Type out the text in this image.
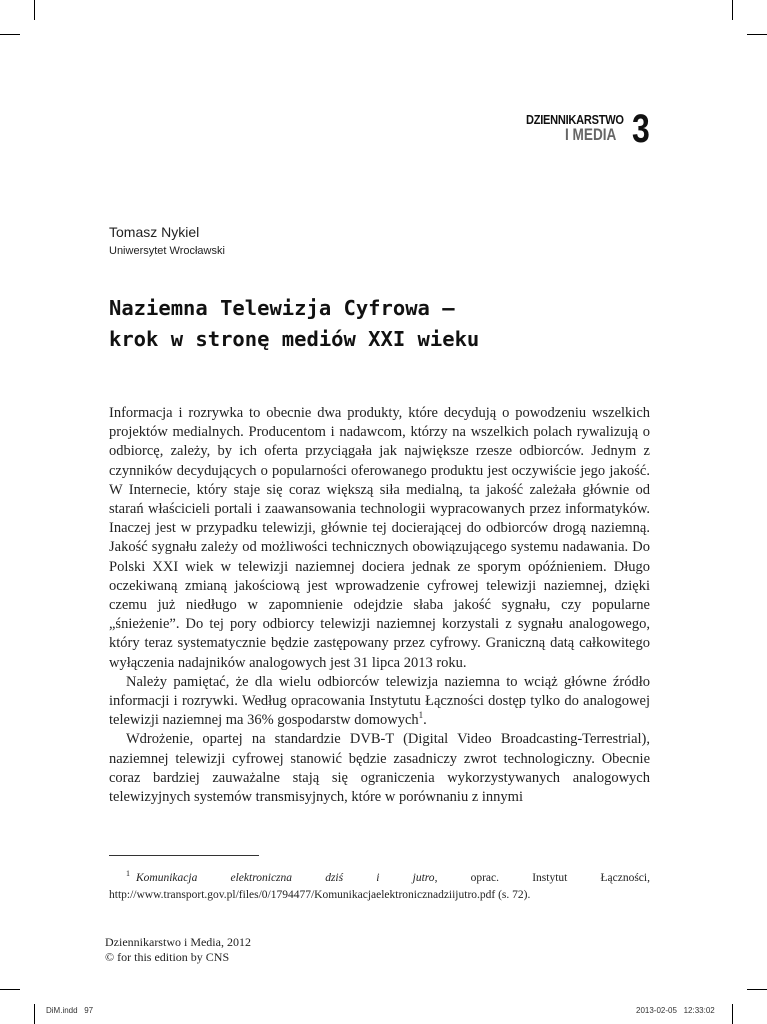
DZIENNIKARSTWO
I MEDIA 3
Tomasz Nykiel
Uniwersytet Wrocławski
Naziemna Telewizja Cyfrowa —
krok w stronę mediów XXI wieku

Informacja i rozrywka to obecnie dwa produkty, które decydują o powodzeniu wszelkich projektów medialnych. Producentom i nadawcom, którzy na wszelkich polach rywalizują o odbiorcę, zależy, by ich oferta przyciągała jak największe rzesze odbiorców. Jednym z czynników decydujących o popularności oferowanego produktu jest oczywiście jego jakość. W Internecie, który staje się coraz większą siła medialną, ta jakość zależała głównie od starań właścicieli portali i zaawansowania technologii wypracowanych przez informatyków. Inaczej jest w przypadku telewizji, głównie tej docierającej do odbiorców drogą naziemną. Jakość sygnału zależy od możliwości technicznych obowiązującego systemu nadawania. Do Polski XXI wiek w telewizji naziemnej dociera jednak ze sporym opóźnieniem. Długo oczekiwaną zmianą jakościową jest wprowadzenie cyfrowej telewizji naziemnej, dzięki czemu już niedługo w zapomnienie odejdzie słaba jakość sygnału, czy popularne „śnieżenie”. Do tej pory odbiorcy telewizji naziemnej korzystali z sygnału analogowego, który teraz systematycznie będzie zastępowany przez cyfrowy. Graniczną datą całkowitego wyłączenia nadajników analogowych jest 31 lipca 2013 roku.

Należy pamiętać, że dla wielu odbiorców telewizja naziemna to wciąż główne źródło informacji i rozrywki. Według opracowania Instytutu Łączności dostęp tylko do analogowej telewizji naziemnej ma 36% gospodarstw domowych$^1$.

Wdrożenie, opartej na standardzie DVB-T (Digital Video Broadcasting-Terrestrial), naziemnej telewizji cyfrowej stanowić będzie zasadniczy zwrot technologiczny. Obecnie coraz bardziej zauważalne stają się ograniczenia wykorzystywanych analogowych telewizyjnych systemów transmisyjnych, które w porównaniu z innymi

$^1$ Komunikacja elektroniczna dziś i jutro, oprac. Instytut Łączności, http://www.transport.gov.pl/files/0/1794477/Komunikacjaelektronicznadziijutro.pdf (s. 72).

Dziennikarstwo i Media, 2012
© for this edition by CNS
DiM.indd   97	2013-02-05   12:33:02
